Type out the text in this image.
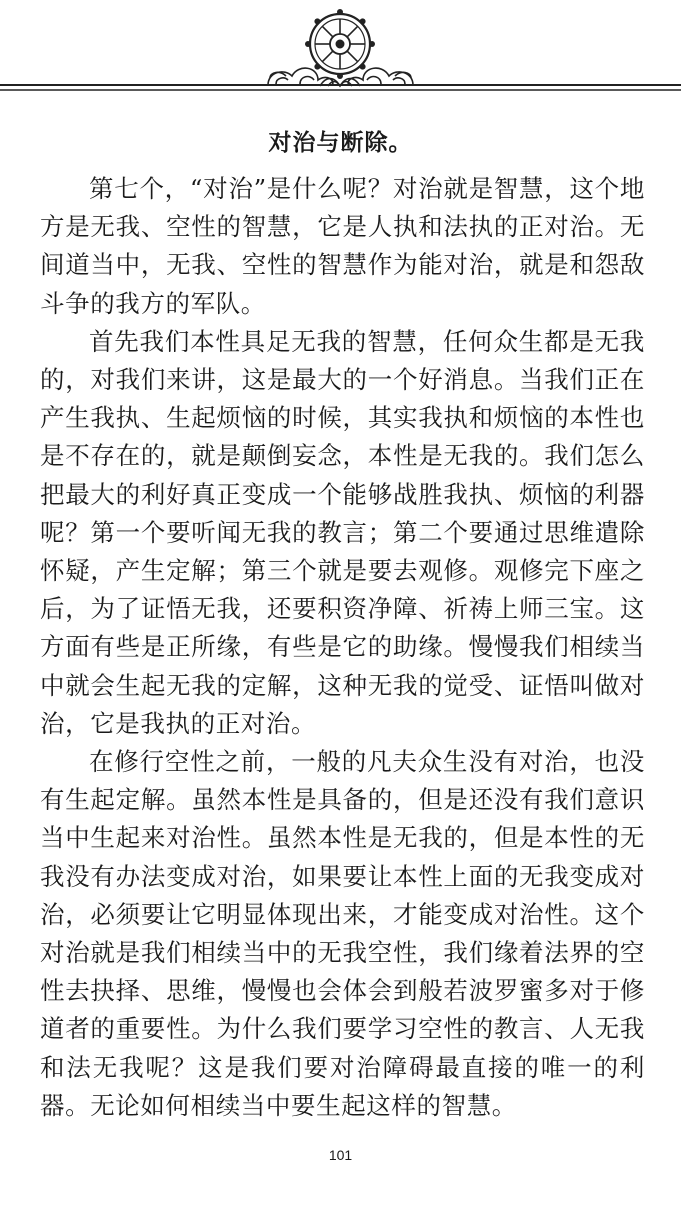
对治与断除。

第七个，“对治”是什么呢？对治就是智慧，这个地方是无我、空性的智慧，它是人执和法执的正对治。无间道当中，无我、空性的智慧作为能对治，就是和怨敌斗争的我方的军队。

首先我们本性具足无我的智慧，任何众生都是无我的，对我们来讲，这是最大的一个好消息。当我们正在产生我执、生起烦恼的时候，其实我执和烦恼的本性也是不存在的，就是颠倒妄念，本性是无我的。我们怎么把最大的利好真正变成一个能够战胜我执、烦恼的利器呢？第一个要听闻无我的教言；第二个要通过思维遣除怀疑，产生定解；第三个就是要去观修。观修完下座之后，为了证悟无我，还要积资净障、祈祷上师三宝。这方面有些是正所缘，有些是它的助缘。慢慢我们相续当中就会生起无我的定解，这种无我的觉受、证悟叫做对治，它是我执的正对治。

在修行空性之前，一般的凡夫众生没有对治，也没有生起定解。虽然本性是具备的，但是还没有我们意识当中生起来对治性。虽然本性是无我的，但是本性的无我没有办法变成对治，如果要让本性上面的无我变成对治，必须要让它明显体现出来，才能变成对治性。这个对治就是我们相续当中的无我空性，我们缘着法界的空性去抉择、思维，慢慢也会体会到般若波罗蜜多对于修道者的重要性。为什么我们要学习空性的教言、人无我和法无我呢？这是我们要对治障碍最直接的唯一的利器。无论如何相续当中要生起这样的智慧。

101
